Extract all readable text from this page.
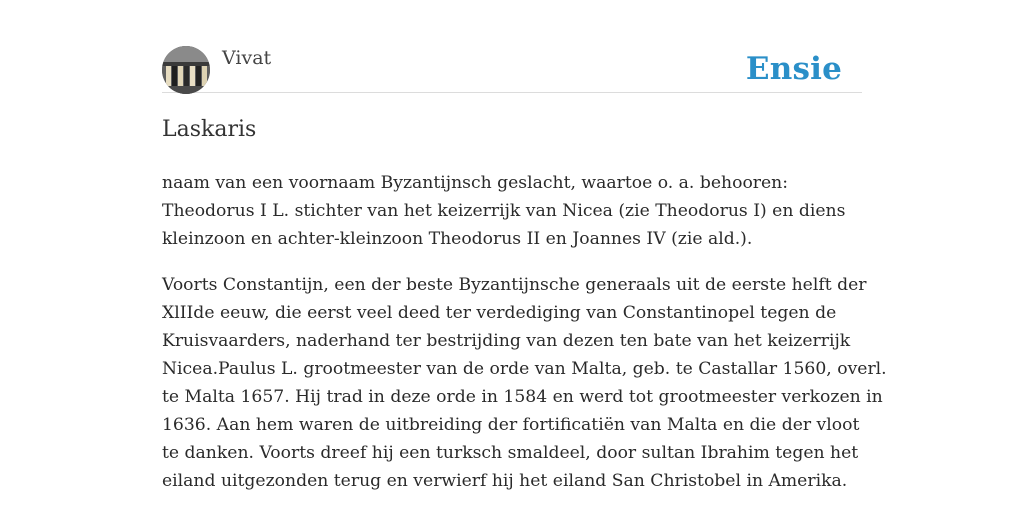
Vivat	Ensie
Laskaris

naam van een voornaam Byzantijnsch geslacht, waartoe o. a. behooren:
Theodorus I L. stichter van het keizerrijk van Nicea (zie Theodorus I) en diens
kleinzoon en achter-kleinzoon Theodorus II en Joannes IV (zie ald.).

Voorts Constantijn, een der beste Byzantijnsche generaals uit de eerste helft der
XlIIde eeuw, die eerst veel deed ter verdediging van Constantinopel tegen de
Kruisvaarders, naderhand ter bestrijding van dezen ten bate van het keizerrijk
Nicea.Paulus L. grootmeester van de orde van Malta, geb. te Castallar 1560, overl.
te Malta 1657. Hij trad in deze orde in 1584 en werd tot grootmeester verkozen in
1636. Aan hem waren de uitbreiding der fortificatiën van Malta en die der vloot
te danken. Voorts dreef hij een turksch smaldeel, door sultan Ibrahim tegen het
eiland uitgezonden terug en verwierf hij het eiland San Christobel in Amerika.
